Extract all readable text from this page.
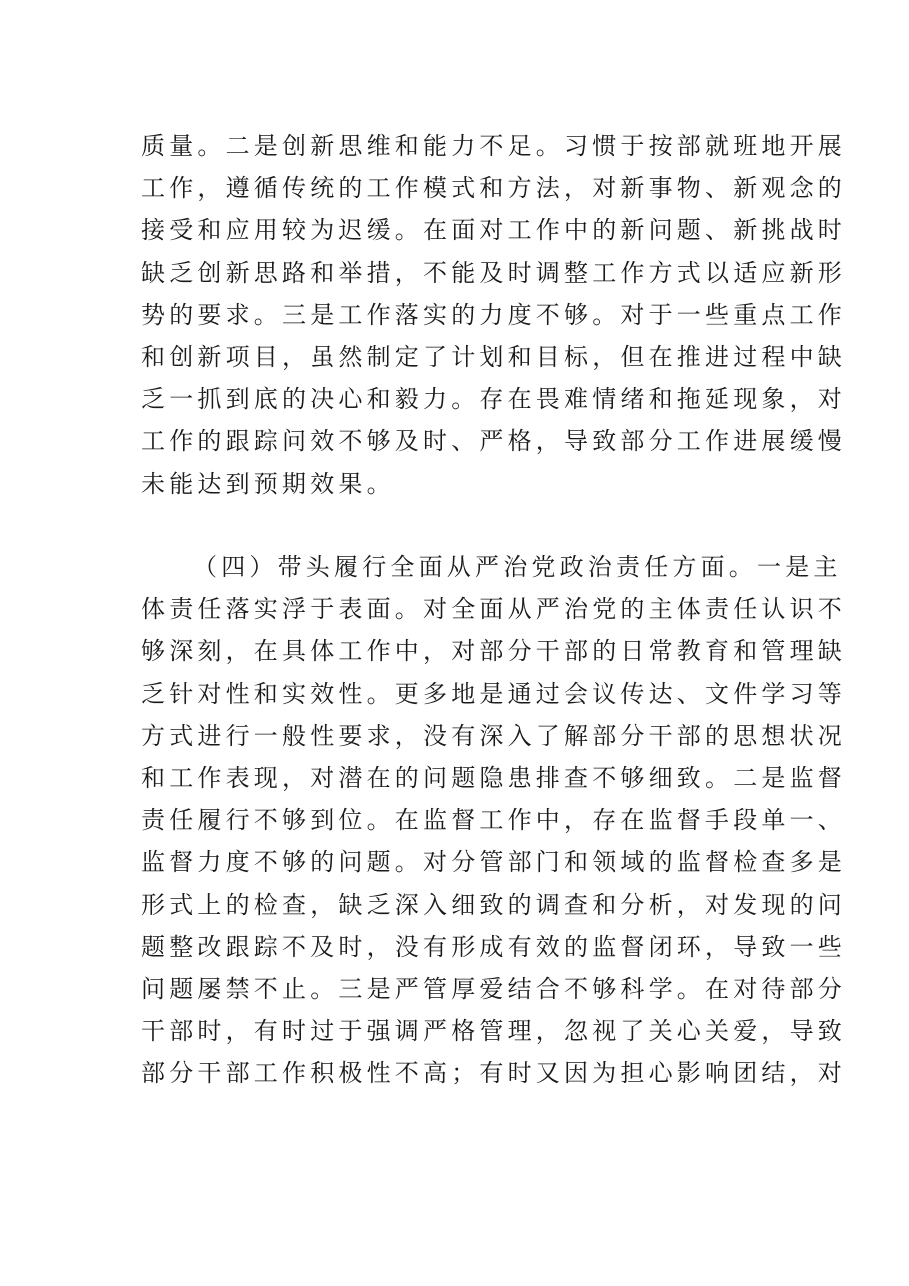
质量。二是创新思维和能力不足。习惯于按部就班地开展
工作，遵循传统的工作模式和方法，对新事物、新观念的
接受和应用较为迟缓。在面对工作中的新问题、新挑战时
缺乏创新思路和举措，不能及时调整工作方式以适应新形
势的要求。三是工作落实的力度不够。对于一些重点工作
和创新项目，虽然制定了计划和目标，但在推进过程中缺
乏一抓到底的决心和毅力。存在畏难情绪和拖延现象，对
工作的跟踪问效不够及时、严格，导致部分工作进展缓慢
未能达到预期效果。
（四）带头履行全面从严治党政治责任方面。一是主
体责任落实浮于表面。对全面从严治党的主体责任认识不
够深刻，在具体工作中，对部分干部的日常教育和管理缺
乏针对性和实效性。更多地是通过会议传达、文件学习等
方式进行一般性要求，没有深入了解部分干部的思想状况
和工作表现，对潜在的问题隐患排查不够细致。二是监督
责任履行不够到位。在监督工作中，存在监督手段单一、
监督力度不够的问题。对分管部门和领域的监督检查多是
形式上的检查，缺乏深入细致的调查和分析，对发现的问
题整改跟踪不及时，没有形成有效的监督闭环，导致一些
问题屡禁不止。三是严管厚爱结合不够科学。在对待部分
干部时，有时过于强调严格管理，忽视了关心关爱，导致
部分干部工作积极性不高；有时又因为担心影响团结，对
